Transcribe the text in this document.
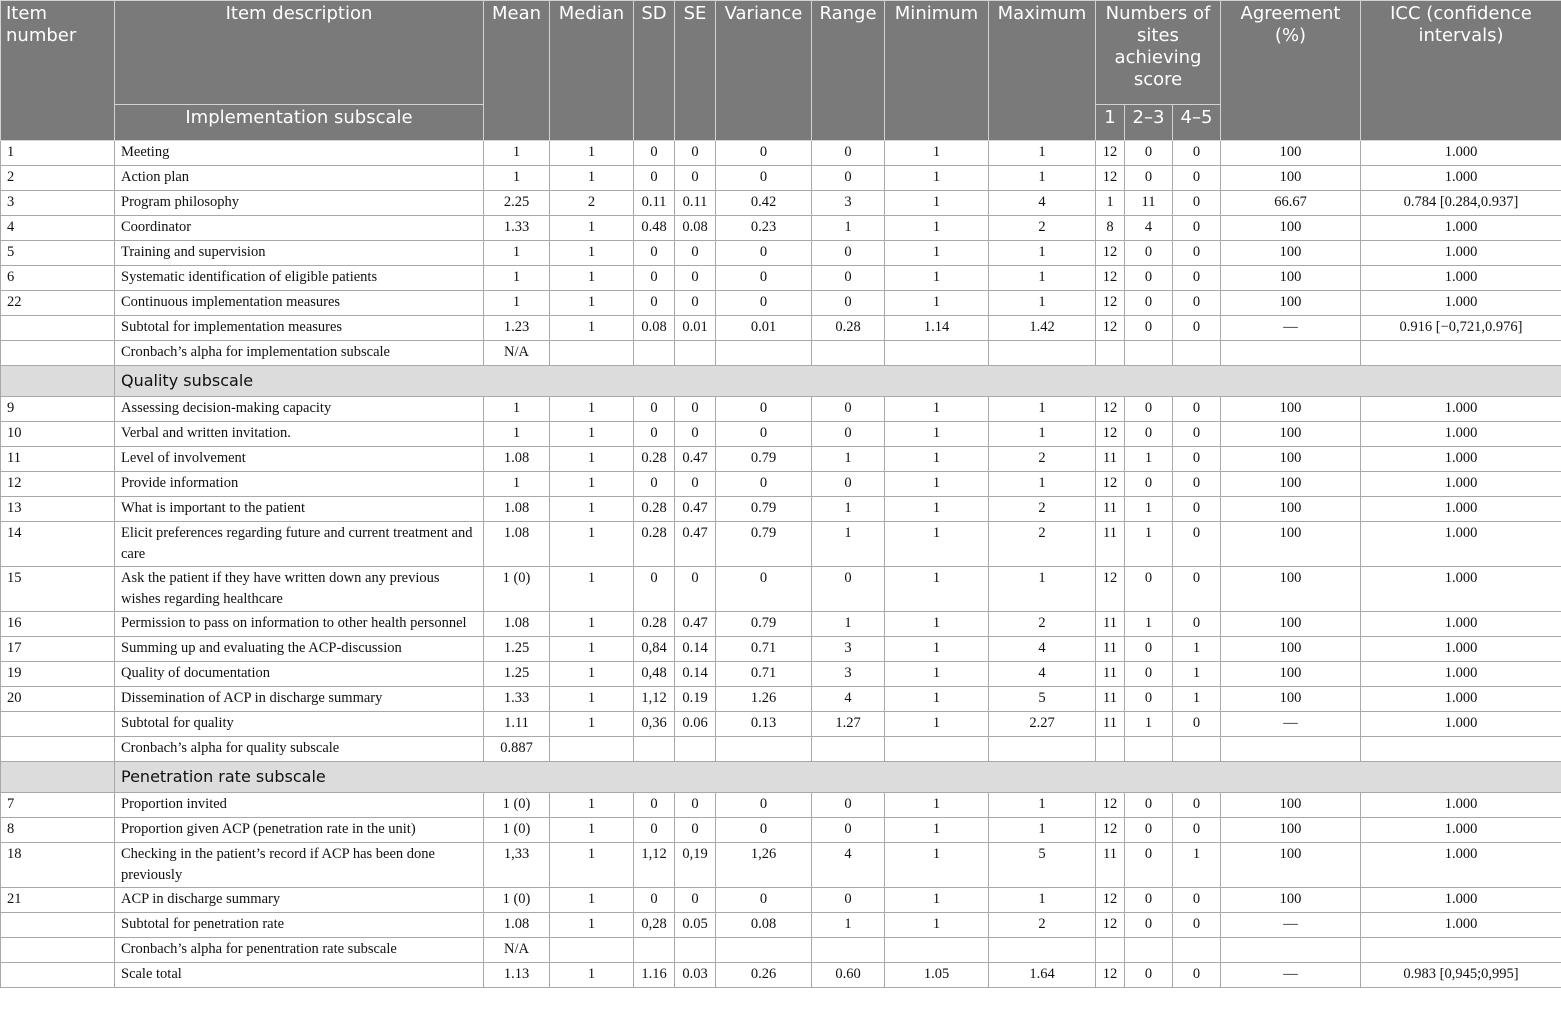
Item number	Item description	Mean	Median	SD	SE	Variance	Range	Minimum	Maximum	Numbers of sites achieving score			Agreement (%)	ICC (confidence intervals)
	Implementation subscale									1	2–3	4–5		
1	Meeting	1	1	0	0	0	0	1	1	12	0	0	100	1.000
2	Action plan	1	1	0	0	0	0	1	1	12	0	0	100	1.000
3	Program philosophy	2.25	2	0.11	0.11	0.42	3	1	4	1	11	0	66.67	0.784 [0.284,0.937]
4	Coordinator	1.33	1	0.48	0.08	0.23	1	1	2	8	4	0	100	1.000
5	Training and supervision	1	1	0	0	0	0	1	1	12	0	0	100	1.000
6	Systematic identification of eligible patients	1	1	0	0	0	0	1	1	12	0	0	100	1.000
22	Continuous implementation measures	1	1	0	0	0	0	1	1	12	0	0	100	1.000
	Subtotal for implementation measures	1.23	1	0.08	0.01	0.01	0.28	1.14	1.42	12	0	0	—	0.916 [−0,721,0.976]
	Cronbach’s alpha for implementation subscale	N/A												
	Quality subscale													
9	Assessing decision-making capacity	1	1	0	0	0	0	1	1	12	0	0	100	1.000
10	Verbal and written invitation.	1	1	0	0	0	0	1	1	12	0	0	100	1.000
11	Level of involvement	1.08	1	0.28	0.47	0.79	1	1	2	11	1	0	100	1.000
12	Provide information	1	1	0	0	0	0	1	1	12	0	0	100	1.000
13	What is important to the patient	1.08	1	0.28	0.47	0.79	1	1	2	11	1	0	100	1.000
14	Elicit preferences regarding future and current treatment and care	1.08	1	0.28	0.47	0.79	1	1	2	11	1	0	100	1.000
15	Ask the patient if they have written down any previous wishes regarding healthcare	1 (0)	1	0	0	0	0	1	1	12	0	0	100	1.000
16	Permission to pass on information to other health personnel	1.08	1	0.28	0.47	0.79	1	1	2	11	1	0	100	1.000
17	Summing up and evaluating the ACP-discussion	1.25	1	0,84	0.14	0.71	3	1	4	11	0	1	100	1.000
19	Quality of documentation	1.25	1	0,48	0.14	0.71	3	1	4	11	0	1	100	1.000
20	Dissemination of ACP in discharge summary	1.33	1	1,12	0.19	1.26	4	1	5	11	0	1	100	1.000
	Subtotal for quality	1.11	1	0,36	0.06	0.13	1.27	1	2.27	11	1	0	—	1.000
	Cronbach’s alpha for quality subscale	0.887												
	Penetration rate subscale													
7	Proportion invited	1 (0)	1	0	0	0	0	1	1	12	0	0	100	1.000
8	Proportion given ACP (penetration rate in the unit)	1 (0)	1	0	0	0	0	1	1	12	0	0	100	1.000
18	Checking in the patient’s record if ACP has been done previously	1,33	1	1,12	0,19	1,26	4	1	5	11	0	1	100	1.000
21	ACP in discharge summary	1 (0)	1	0	0	0	0	1	1	12	0	0	100	1.000
	Subtotal for penetration rate	1.08	1	0,28	0.05	0.08	1	1	2	12	0	0	—	1.000
	Cronbach’s alpha for penentration rate subscale	N/A												
	Scale total	1.13	1	1.16	0.03	0.26	0.60	1.05	1.64	12	0	0	—	0.983 [0,945;0,995]
